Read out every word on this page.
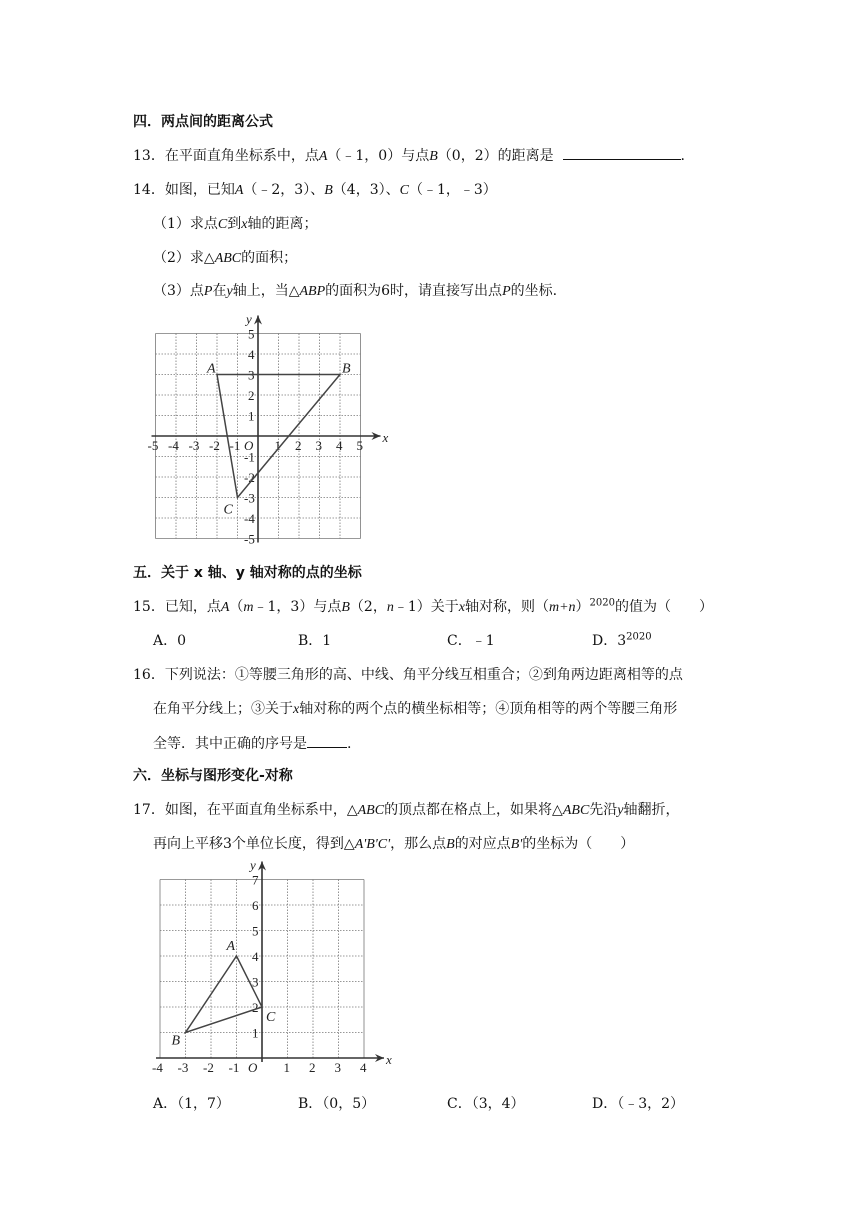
四．两点间的距离公式
13．在平面直角坐标系中，点A（﹣1，0）与点B（0，2）的距离是	.
14．如图，已知A（﹣2，3）、B（4，3）、C（﹣1，﹣3）
（1）求点C到x轴的距离；
（2）求△ABC的面积；
（3）点P在y轴上，当△ABP的面积为6时，请直接写出点P的坐标.
x
y
O
-5 -4 -3 -2 -1	1 2 3 4 5
5
4
3
2
1
-1
-2
-3
-4
-5
A	B
C
五．关于 x 轴、y 轴对称的点的坐标
15．已知，点A（m﹣1，3）与点B（2，n﹣1）关于x轴对称，则$(m+n)^{2020}$的值为（　　）
A．0	B．1	C．﹣1	D．$3^{2020}$
16．下列说法：①等腰三角形的高、中线、角平分线互相重合；②到角两边距离相等的点
在角平分线上；③关于x轴对称的两个点的横坐标相等；④顶角相等的两个等腰三角形
全等．其中正确的序号是	.
六．坐标与图形变化-对称
17．如图，在平面直角坐标系中，△ABC的顶点都在格点上，如果将△ABC先沿y轴翻折，
再向上平移3个单位长度，得到△A'B'C'，那么点B的对应点B'的坐标为（　　）
x
y
O
-4 -3 -2 -1	1 2 3 4
7
6
5
4
3
2
1
A
B
C
A．（1，7）	B．（0，5）	C．（3，4）	D．（﹣3，2）
